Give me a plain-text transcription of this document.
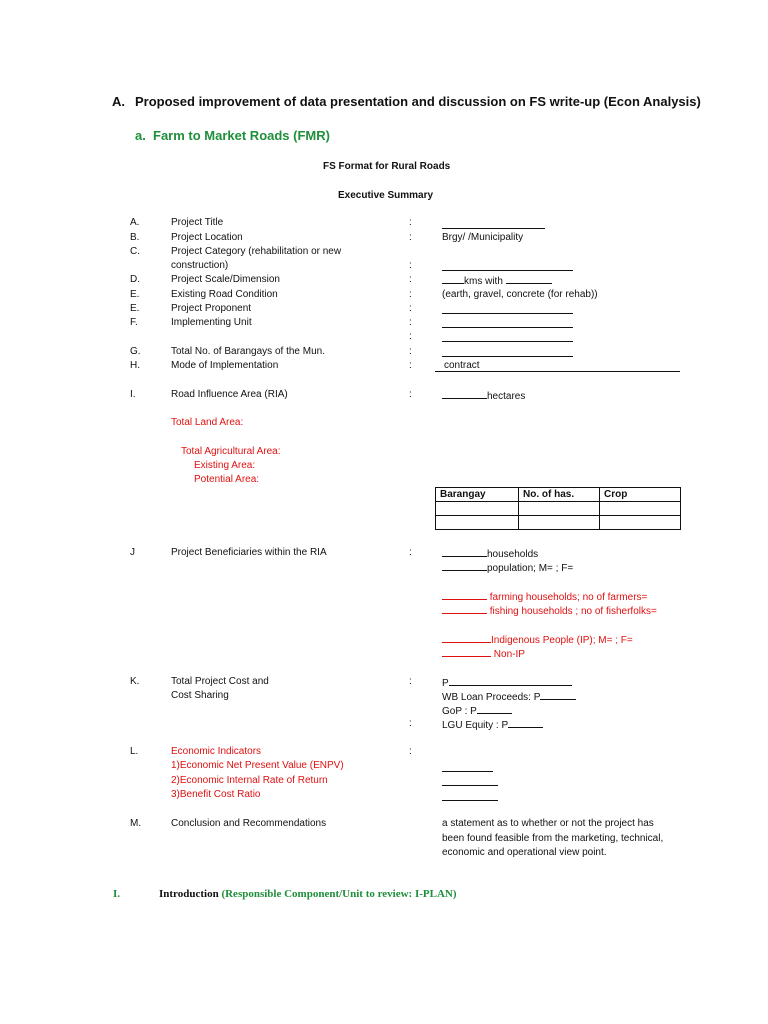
A. Proposed improvement of data presentation and discussion on FS write-up (Econ Analysis)
a. Farm to Market Roads (FMR)
FS Format for Rural Roads
Executive Summary
A.	Project Title	:
B.	Project Location	:	Brgy/ /Municipality
C.	Project Category (rehabilitation or new
construction)	:
D.	Project Scale/Dimension	:	kms with
E.	Existing Road Condition	:	(earth, gravel, concrete (for rehab))
E.	Project Proponent	:
F.	Implementing Unit	:
:
G.	Total No. of Barangays of the Mun.	:
H.	Mode of Implementation	:	contract
I.	Road Influence Area (RIA)	:	hectares
Total Land Area:
Total Agricultural Area:
Existing Area:
Potential Area:
Barangay	No. of has.	Crop

J	Project Beneficiaries within the RIA	:	households
population; M= ; F=
farming households; no of farmers=
fishing households ; no of fisherfolks=
Indigenous People (IP); M= ; F=
Non-IP
K.	Total Project Cost and
Cost Sharing
:	P
WB Loan Proceeds: P
GoP : P
:	LGU Equity : P
L.	Economic Indicators	:
1)Economic Net Present Value (ENPV)
2)Economic Internal Rate of Return
3)Benefit Cost Ratio
M.	Conclusion and Recommendations	a statement as to whether or not the project has
been found feasible from the marketing, technical,
economic and operational view point.
I.	Introduction (Responsible Component/Unit to review: I-PLAN)
